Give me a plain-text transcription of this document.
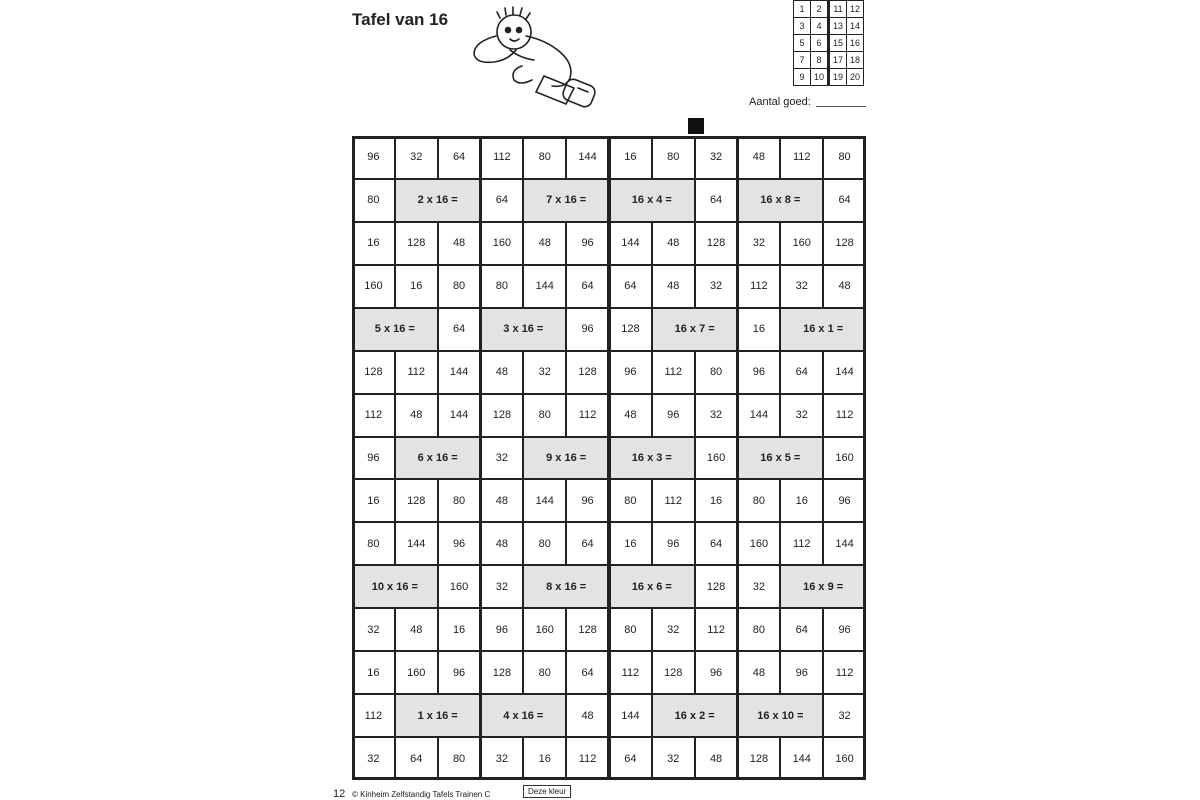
Tafel van 16
1	2	11	12
3	4	13	14
5	6	15	16
7	8	17	18
9	10	19	20
Aantal goed:
96	32	64	112	80	144	16	80	32	48	112	80
80	2 x 16 =	64	7 x 16 =	16 x 4 =	64	16 x 8 =	64
16	128	48	160	48	96	144	48	128	32	160	128
160	16	80	80	144	64	64	48	32	112	32	48
5 x 16 =	64	3 x 16 =	96	128	16 x 7 =	16	16 x 1 =
128	112	144	48	32	128	96	112	80	96	64	144
112	48	144	128	80	112	48	96	32	144	32	112
96	6 x 16 =	32	9 x 16 =	16 x 3 =	160	16 x 5 =	160
16	128	80	48	144	96	80	112	16	80	16	96
80	144	96	48	80	64	16	96	64	160	112	144
10 x 16 =	160	32	8 x 16 =	16 x 6 =	128	32	16 x 9 =
32	48	16	96	160	128	80	32	112	80	64	96
16	160	96	128	80	64	112	128	96	48	96	112
112	1 x 16 =	4 x 16 =	48	144	16 x 2 =	16 x 10 =	32
32	64	80	32	16	112	64	32	48	128	144	160
12 © Kinheim Zelfstandig Tafels Trainen C	Deze kleur
